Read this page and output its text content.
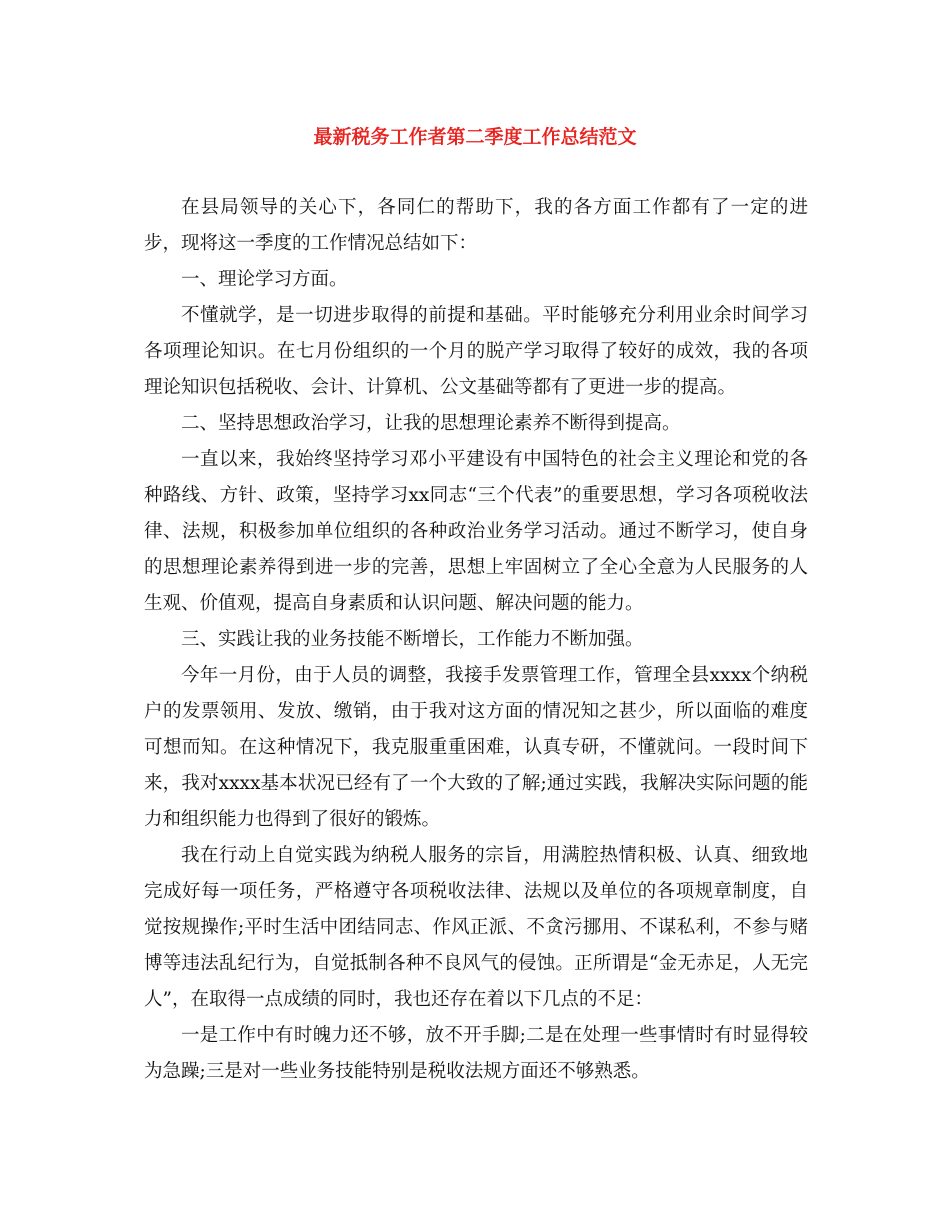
最新税务工作者第二季度工作总结范文

在县局领导的关心下，各同仁的帮助下，我的各方面工作都有了一定的进步，现将这一季度的工作情况总结如下：

一、理论学习方面。

不懂就学，是一切进步取得的前提和基础。平时能够充分利用业余时间学习各项理论知识。在七月份组织的一个月的脱产学习取得了较好的成效，我的各项理论知识包括税收、会计、计算机、公文基础等都有了更进一步的提高。

二、坚持思想政治学习，让我的思想理论素养不断得到提高。

一直以来，我始终坚持学习邓小平建设有中国特色的社会主义理论和党的各种路线、方针、政策，坚持学习xx同志“三个代表”的重要思想，学习各项税收法律、法规，积极参加单位组织的各种政治业务学习活动。通过不断学习，使自身的思想理论素养得到进一步的完善，思想上牢固树立了全心全意为人民服务的人生观、价值观，提高自身素质和认识问题、解决问题的能力。

三、实践让我的业务技能不断增长，工作能力不断加强。

今年一月份，由于人员的调整，我接手发票管理工作，管理全县xxxx个纳税户的发票领用、发放、缴销，由于我对这方面的情况知之甚少，所以面临的难度可想而知。在这种情况下，我克服重重困难，认真专研，不懂就问。一段时间下来，我对xxxx基本状况已经有了一个大致的了解;通过实践，我解决实际问题的能力和组织能力也得到了很好的锻炼。

我在行动上自觉实践为纳税人服务的宗旨，用满腔热情积极、认真、细致地完成好每一项任务，严格遵守各项税收法律、法规以及单位的各项规章制度，自觉按规操作;平时生活中团结同志、作风正派、不贪污挪用、不谋私利，不参与赌博等违法乱纪行为，自觉抵制各种不良风气的侵蚀。正所谓是“金无赤足，人无完人”，在取得一点成绩的同时，我也还存在着以下几点的不足：

一是工作中有时魄力还不够，放不开手脚;二是在处理一些事情时有时显得较为急躁;三是对一些业务技能特别是税收法规方面还不够熟悉。
